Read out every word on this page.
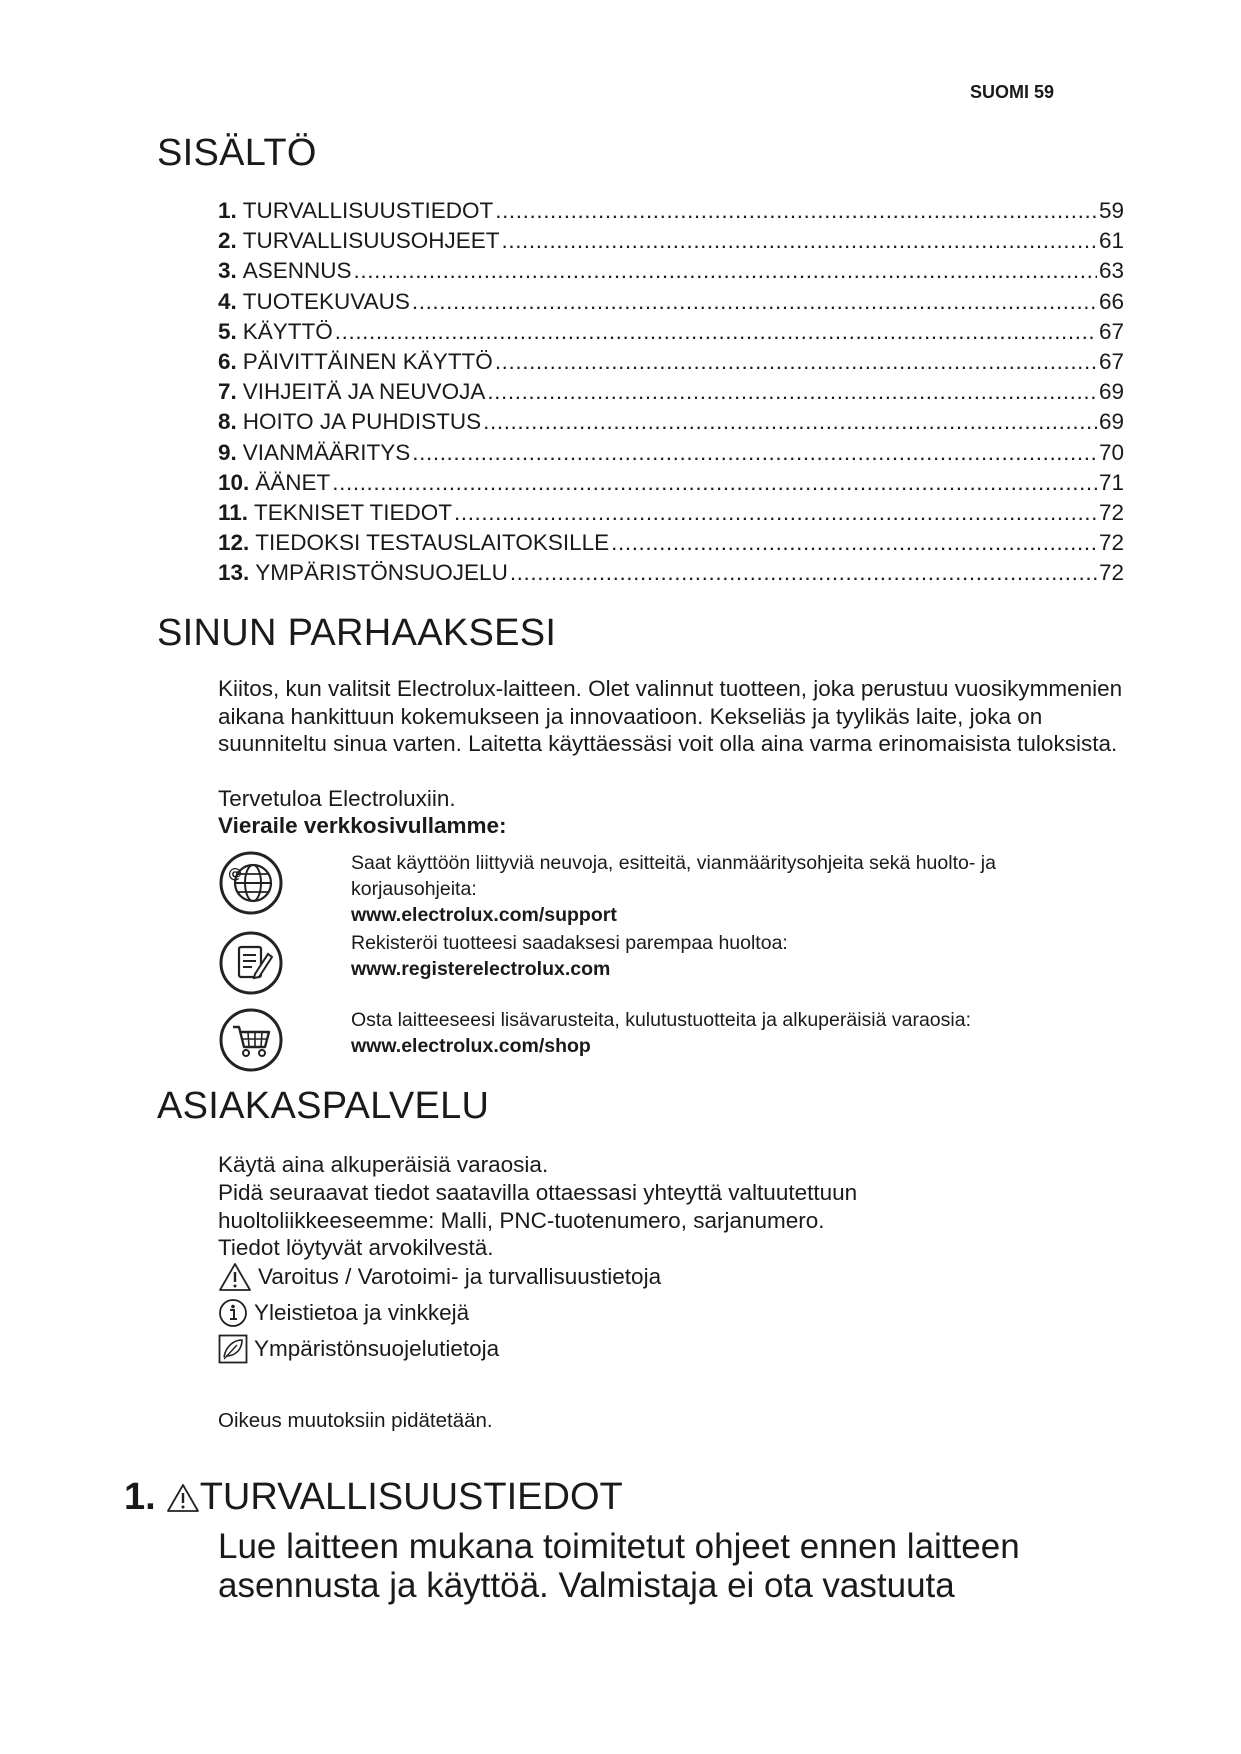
SUOMI 59
SISÄLTÖ
1. TURVALLISUUSTIEDOT .....	59
2. TURVALLISUUSOHJEET .....	61
3. ASENNUS .....	63
4. TUOTEKUVAUS .....	66
5. KÄYTTÖ .....	67
6. PÄIVITTÄINEN KÄYTTÖ .....	67
7. VIHJEITÄ JA NEUVOJA .....	69
8. HOITO JA PUHDISTUS .....	69
9. VIANMÄÄRITYS .....	70
10. ÄÄNET .....	71
11. TEKNISET TIEDOT .....	72
12. TIEDOKSI TESTAUSLAITOKSILLE .....	72
13. YMPÄRISTÖNSUOJELU .....	72
SINUN PARHAAKSESI
Kiitos, kun valitsit Electrolux-laitteen. Olet valinnut tuotteen, joka perustuu vuosikymmenien aikana hankittuun kokemukseen ja innovaatioon. Kekseliäs ja tyylikäs laite, joka on suunniteltu sinua varten. Laitetta käyttäessäsi voit olla aina varma erinomaisista tuloksista.
Tervetuloa Electroluxiin.
Vieraile verkkosivullamme:
@	Saat käyttöön liittyviä neuvoja, esitteitä, vianmääritysohjeita sekä huolto- ja korjausohjeita:
www.electrolux.com/support
Rekisteröi tuotteesi saadaksesi parempaa huoltoa:
www.registerelectrolux.com
Osta laitteeseesi lisävarusteita, kulutustuotteita ja alkuperäisiä varaosia:
www.electrolux.com/shop
ASIAKASPALVELU
Käytä aina alkuperäisiä varaosia.
Pidä seuraavat tiedot saatavilla ottaessasi yhteyttä valtuutettuun huoltoliikkeeseemme: Malli, PNC-tuotenumero, sarjanumero.
Tiedot löytyvät arvokilvestä.
Varoitus / Varotoimi- ja turvallisuustietoja
Yleistietoa ja vinkkejä
Ympäristönsuojelutietoja
Oikeus muutoksiin pidätetään.
1. TURVALLISUUSTIEDOT
Lue laitteen mukana toimitetut ohjeet ennen laitteen asennusta ja käyttöä. Valmistaja ei ota vastuuta
